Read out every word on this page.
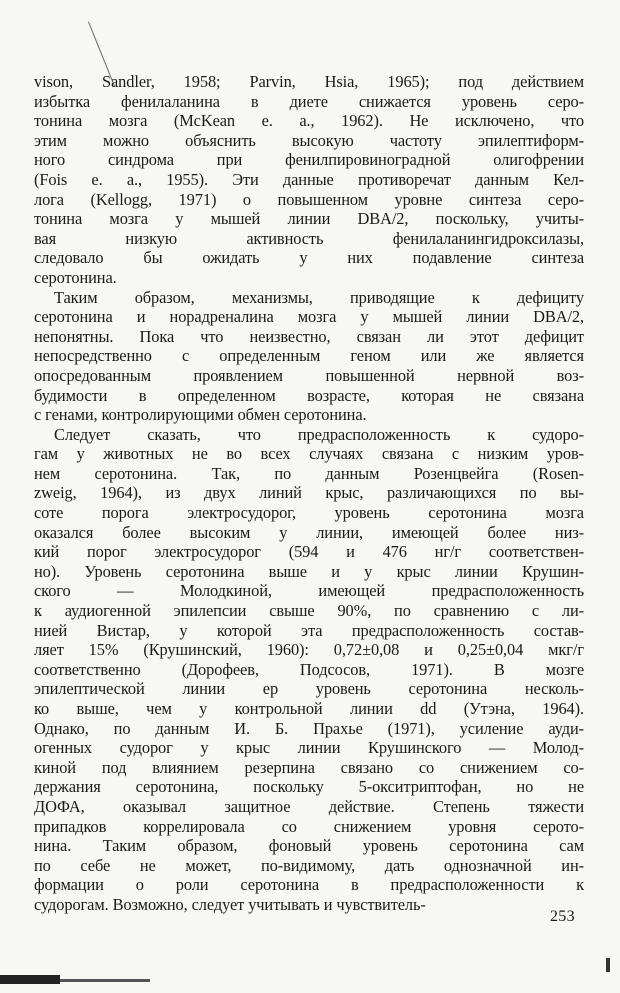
vison, Sandler, 1958; Parvin, Hsia, 1965); под действием
избытка фенилаланина в диете снижается уровень серо-
тонина мозга (McKean е. а., 1962). Не исключено, что
этим можно объяснить высокую частоту эпилептиформ-
ного синдрома при фенилпировиноградной олигофрении
(Fois е. а., 1955). Эти данные противоречат данным Кел-
лога (Kellogg, 1971) о повышенном уровне синтеза серо-
тонина мозга у мышей линии DBA/2, поскольку, учиты-
вая низкую активность фенилаланингидроксилазы,
следовало бы ожидать у них подавление синтеза
серотонина.
Таким образом, механизмы, приводящие к дефициту
серотонина и норадреналина мозга у мышей линии DBA/2,
непонятны. Пока что неизвестно, связан ли этот дефицит
непосредственно с определенным геном или же является
опосредованным проявлением повышенной нервной воз-
будимости в определенном возрасте, которая не связана
с генами, контролирующими обмен серотонина.
Следует сказать, что предрасположенность к судоро-
гам у животных не во всех случаях связана с низким уров-
нем серотонина. Так, по данным Розенцвейга (Rosen-
zweig, 1964), из двух линий крыс, различающихся по вы-
соте порога электросудорог, уровень серотонина мозга
оказался более высоким у линии, имеющей более низ-
кий порог электросудорог (594 и 476 нг/г соответствен-
но). Уровень серотонина выше и у крыс линии Крушин-
ского — Молодкиной, имеющей предрасположенность
к аудиогенной эпилепсии свыше 90%, по сравнению с ли-
нией Вистар, у которой эта предрасположенность состав-
ляет 15% (Крушинский, 1960): 0,72±0,08 и 0,25±0,04 мкг/г
соответственно (Дорофеев, Подсосов, 1971). В мозге
эпилептической линии ер уровень серотонина несколь-
ко выше, чем у контрольной линии dd (Утэна, 1964).
Однако, по данным И. Б. Прахье (1971), усиление ауди-
огенных судорог у крыс линии Крушинского — Молод-
киной под влиянием резерпина связано со снижением со-
держания серотонина, поскольку 5-окситриптофан, но не
ДОФА, оказывал защитное действие. Степень тяжести
припадков коррелировала со снижением уровня серото-
нина. Таким образом, фоновый уровень серотонина сам
по себе не может, по-видимому, дать однозначной ин-
формации о роли серотонина в предрасположенности к
судорогам. Возможно, следует учитывать и чувствитель-
253
